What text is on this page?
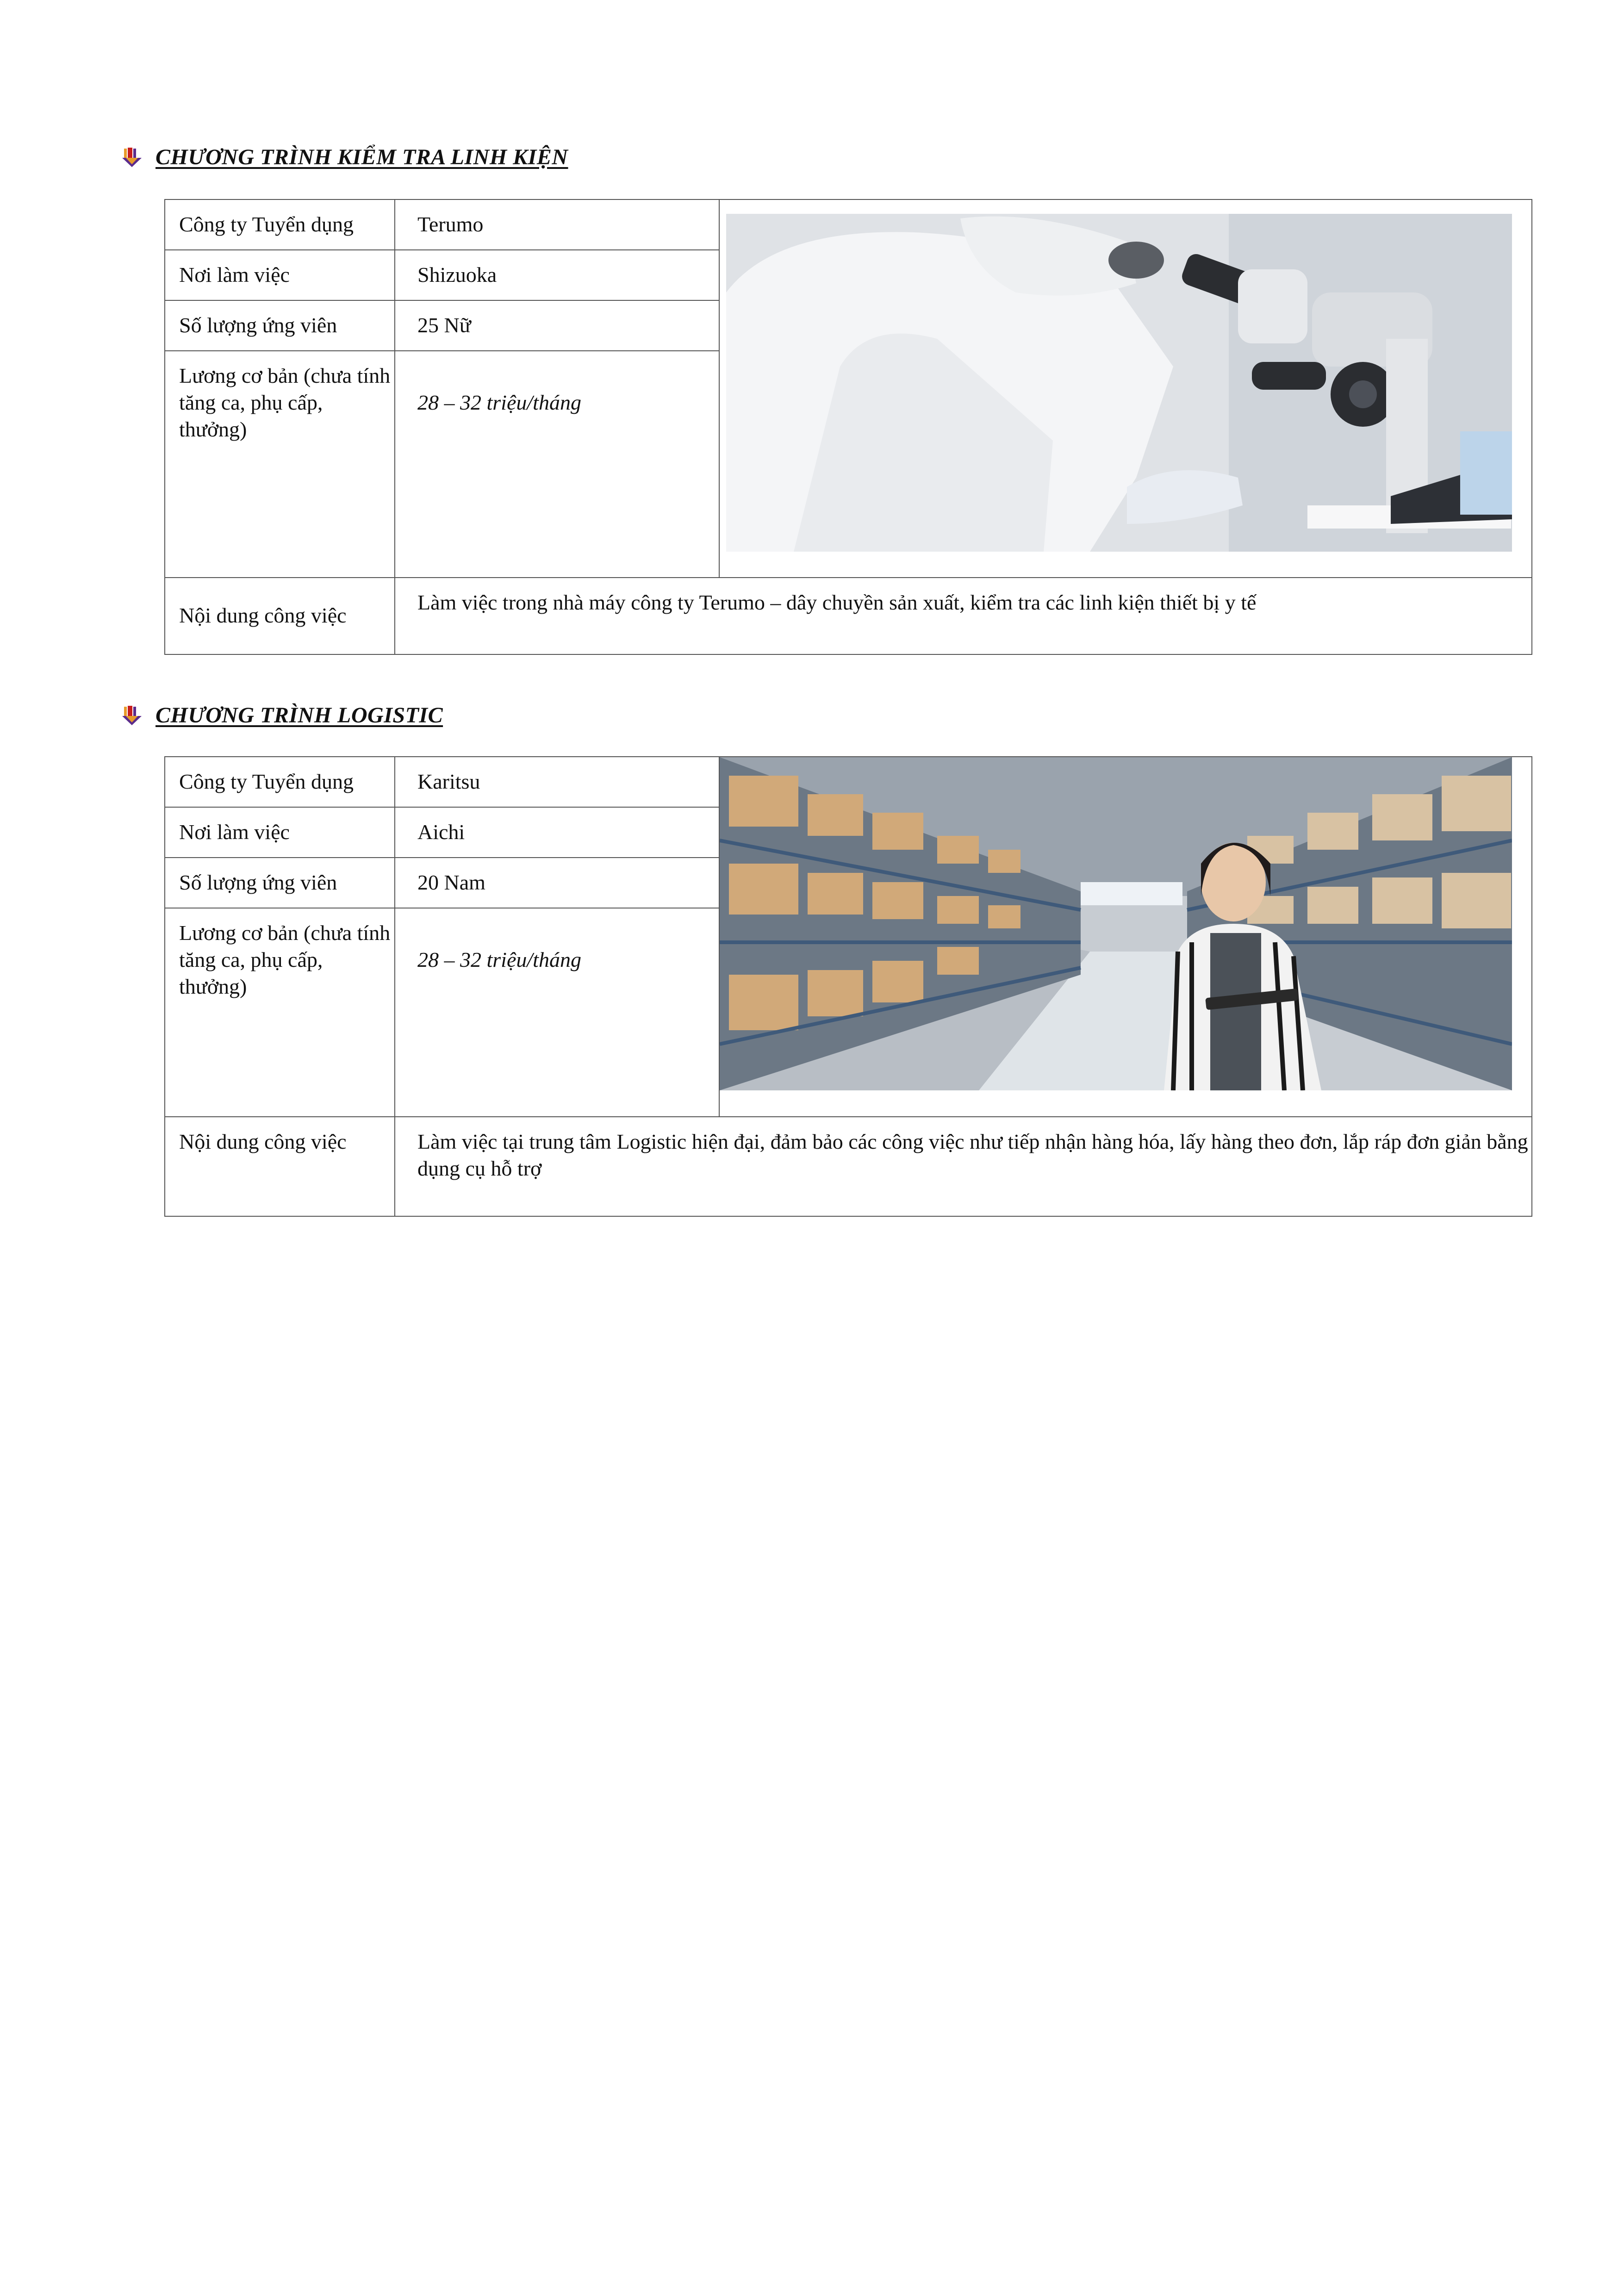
CHƯƠNG TRÌNH KIỂM TRA LINH KIỆN
Công ty Tuyển dụng	Terumo	

Nơi làm việc	Shizuoka	
Số lượng ứng viên	25 Nữ	

Lương cơ bản (chưa tính
tăng ca, phụ cấp, thưởng)	28 – 32 triệu/tháng	
Nội dung công việc	Làm việc trong nhà máy công ty Terumo – dây chuyền sản xuất, kiểm tra các linh kiện thiết bị y tế	
CHƯƠNG TRÌNH LOGISTIC
Công ty Tuyển dụng	Karitsu	

Nơi làm việc	Aichi	
Số lượng ứng viên	20 Nam	

Lương cơ bản (chưa tính
tăng ca, phụ cấp, thưởng)	28 – 32 triệu/tháng	
Nội dung công việc	Làm việc tại trung tâm Logistic hiện đại, đảm bảo các công việc như tiếp nhận hàng hóa, lấy hàng theo đơn, lắp ráp đơn giản bằng dụng cụ hỗ trợ	
